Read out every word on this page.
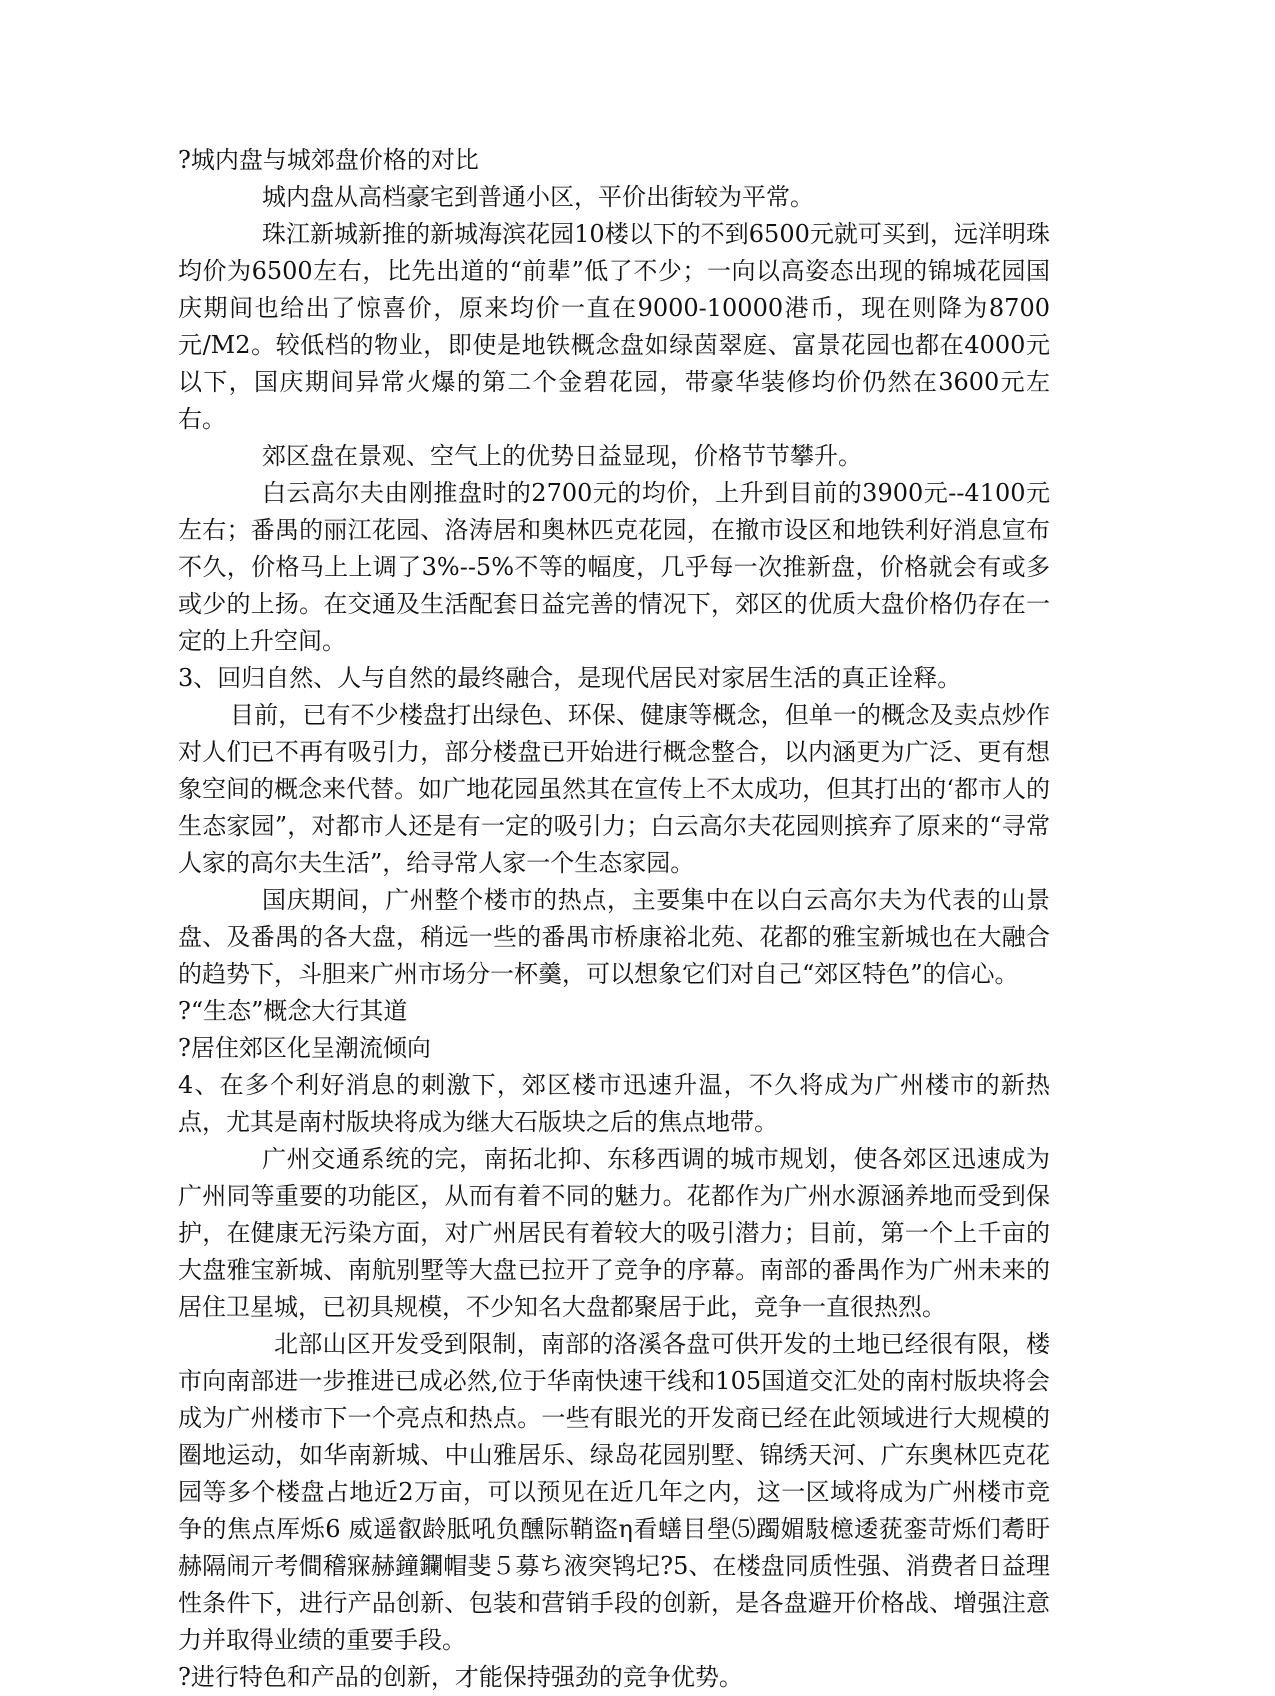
?城内盘与城郊盘价格的对比

城内盘从高档豪宅到普通小区，平价出街较为平常。

珠江新城新推的新城海滨花园10楼以下的不到6500元就可买到，远洋明珠均价为6500左右，比先出道的“前辈”低了不少；一向以高姿态出现的锦城花园国庆期间也给出了惊喜价，原来均价一直在9000-10000港币，现在则降为8700元/M2。较低档的物业，即使是地铁概念盘如绿茵翠庭、富景花园也都在4000元以下，国庆期间异常火爆的第二个金碧花园，带豪华装修均价仍然在3600元左右。

郊区盘在景观、空气上的优势日益显现，价格节节攀升。

白云高尔夫由刚推盘时的2700元的均价，上升到目前的3900元--4100元左右；番禺的丽江花园、洛涛居和奥林匹克花园，在撤市设区和地铁利好消息宣布不久，价格马上上调了3%--5%不等的幅度，几乎每一次推新盘，价格就会有或多或少的上扬。在交通及生活配套日益完善的情况下，郊区的优质大盘价格仍存在一定的上升空间。

3、回归自然、人与自然的最终融合，是现代居民对家居生活的真正诠释。

目前，已有不少楼盘打出绿色、环保、健康等概念，但单一的概念及卖点炒作对人们已不再有吸引力，部分楼盘已开始进行概念整合，以内涵更为广泛、更有想象空间的概念来代替。如广地花园虽然其在宣传上不太成功，但其打出的‘都市人的生态家园”，对都市人还是有一定的吸引力；白云高尔夫花园则摈弃了原来的“寻常人家的高尔夫生活”，给寻常人家一个生态家园。

国庆期间，广州整个楼市的热点，主要集中在以白云高尔夫为代表的山景盘、及番禺的各大盘，稍远一些的番禺市桥康裕北苑、花都的雅宝新城也在大融合的趋势下，斗胆来广州市场分一杯羹，可以想象它们对自己“郊区特色”的信心。

?“生态”概念大行其道

?居住郊区化呈潮流倾向

4、在多个利好消息的刺激下，郊区楼市迅速升温，不久将成为广州楼市的新热点，尤其是南村版块将成为继大石版块之后的焦点地带。

广州交通系统的完，南拓北抑、东移西调的城市规划，使各郊区迅速成为广州同等重要的功能区，从而有着不同的魅力。花都作为广州水源涵养地而受到保护，在健康无污染方面，对广州居民有着较大的吸引潜力；目前，第一个上千亩的大盘雅宝新城、南航别墅等大盘已拉开了竞争的序幕。南部的番禺作为广州未来的居住卫星城，已初具规模，不少知名大盘都聚居于此，竞争一直很热烈。

北部山区开发受到限制，南部的洛溪各盘可供开发的土地已经很有限，楼市向南部进一步推进已成必然,位于华南快速干线和105国道交汇处的南村版块将会成为广州楼市下一个亮点和热点。一些有眼光的开发商已经在此领域进行大规模的圈地运动，如华南新城、中山雅居乐、绿岛花园别墅、锦绣天河、广东奥林匹克花园等多个楼盘占地近2万亩，可以预见在近几年之内，这一区域将成为广州楼市竞争的焦点厍烁6 威遥叡龄胝吼负醺际鞘盜η看蟮目壆⑸躅媚馶檍逶莸銮苛烁们耈盱赫隔闹亓考僴稽㝥赫鐘鑭帽斐５募ち液突鸨圮?5、在楼盘同质性强、消费者日益理性条件下，进行产品创新、包装和营销手段的创新，是各盘避开价格战、增强注意力并取得业绩的重要手段。

?进行特色和产品的创新，才能保持强劲的竞争优势。
